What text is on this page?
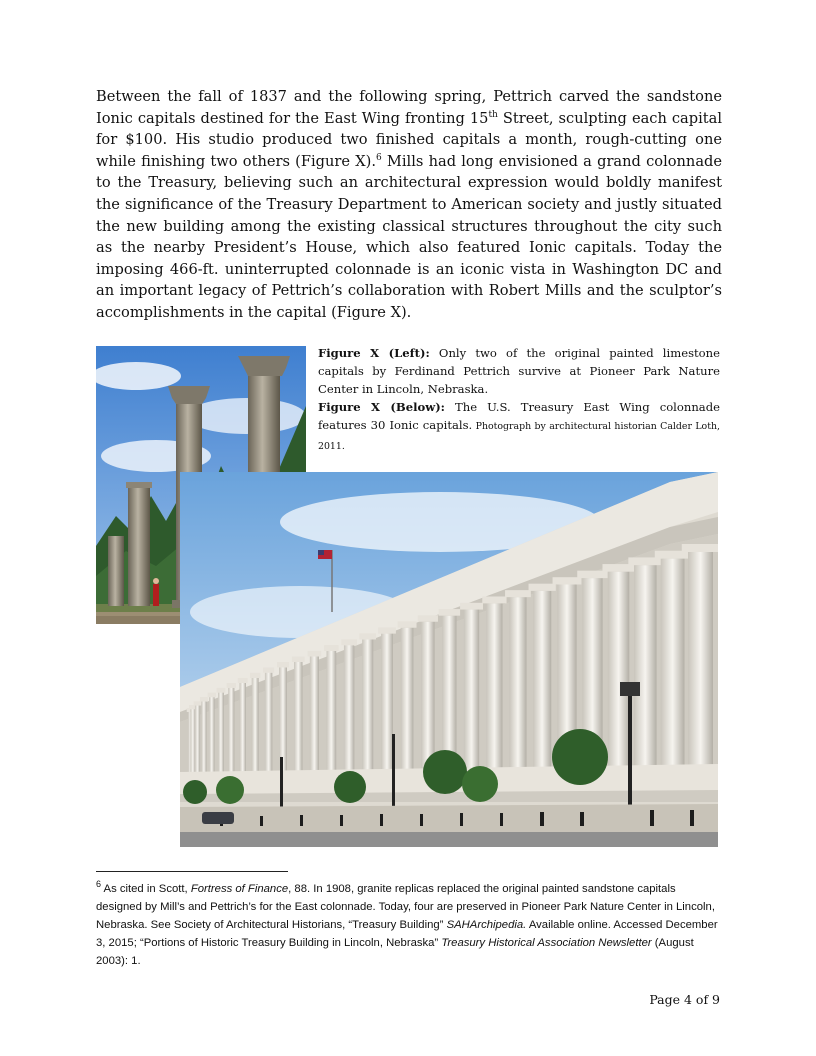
Between the fall of 1837 and the following spring, Pettrich carved the sandstone Ionic capitals destined for the East Wing fronting 15th Street, sculpting each capital for $100. His studio produced two finished capitals a month, rough-cutting one while finishing two others (Figure X).$^6$ Mills had long envisioned a grand colonnade to the Treasury, believing such an architectural expression would boldly manifest the significance of the Treasury Department to American society and justly situated the new building among the existing classical structures throughout the city such as the nearby President’s House, which also featured Ionic capitals. Today the imposing 466-ft. uninterrupted colonnade is an iconic vista in Washington DC and an important legacy of Pettrich’s collaboration with Robert Mills and the sculptor’s accomplishments in the capital (Figure X).

Figure X (Left): Only two of the original painted limestone capitals by Ferdinand Pettrich survive at Pioneer Park Nature Center in Lincoln, Nebraska.
Figure X (Below): The U.S. Treasury East Wing colonnade features 30 Ionic capitals. Photograph by architectural historian Calder Loth, 2011.

$^6$ As cited in Scott, Fortress of Finance, 88. In 1908, granite replicas replaced the original painted sandstone capitals designed by Mill’s and Pettrich’s for the East colonnade. Today, four are preserved in Pioneer Park Nature Center in Lincoln, Nebraska. See Society of Architectural Historians, “Treasury Building” SAHArchipedia. Available online. Accessed December 3, 2015; “Portions of Historic Treasury Building in Lincoln, Nebraska” Treasury Historical Association Newsletter (August 2003): 1.

Page 4 of 9
